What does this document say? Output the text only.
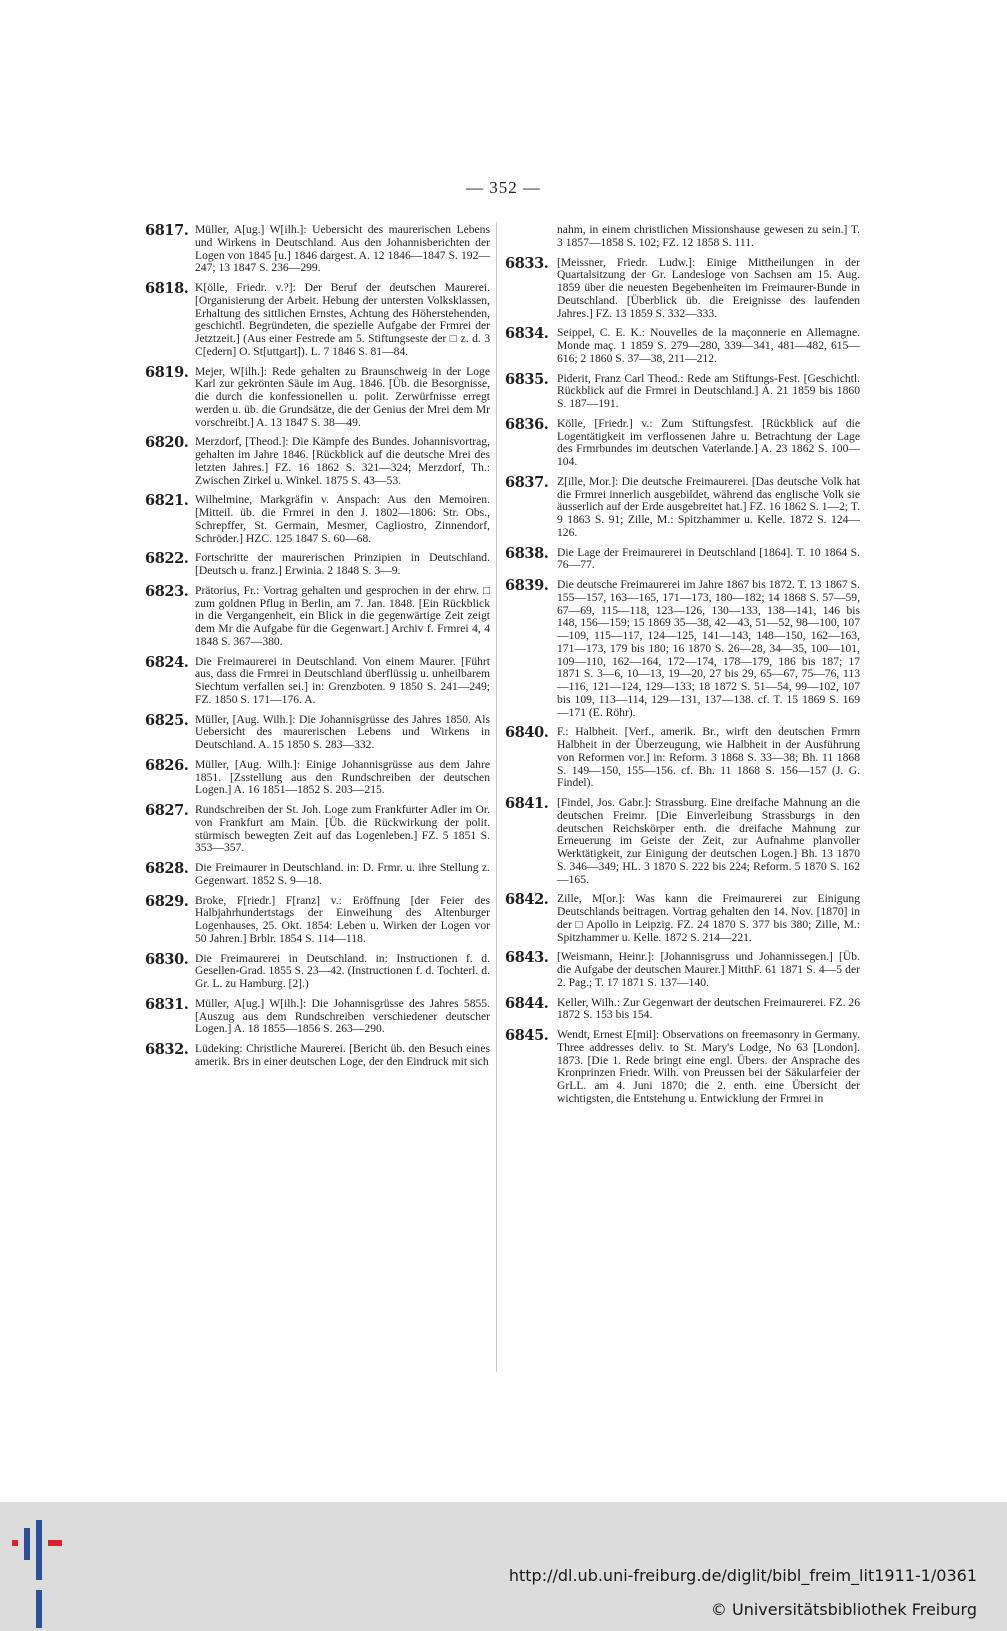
— 352 —
6817. Müller, A[ug.] W[ilh.]: Uebersicht des maurerischen Lebens und Wirkens in Deutschland. Aus den Johannisberichten der Logen von 1845 [u.] 1846 dargest. A. 12 1846—1847 S. 192—247; 13 1847 S. 236—299.
6818. K[ölle, Friedr. v.?]: Der Beruf der deutschen Maurerei. [Organisierung der Arbeit. Hebung der untersten Volksklassen, Erhaltung des sittlichen Ernstes, Achtung des Höherstehenden, geschichtl. Begründeten, die spezielle Aufgabe der Frmrei der Jetztzeit.] (Aus einer Festrede am 5. Stiftungseste der □ z. d. 3 C[edern] O. St[uttgart]). L. 7 1846 S. 81—84.
6819. Mejer, W[ilh.]: Rede gehalten zu Braunschweig in der Loge Karl zur gekrönten Säule im Aug. 1846. [Üb. die Besorgnisse, die durch die konfessionellen u. polit. Zerwürfnisse erregt werden u. üb. die Grundsätze, die der Genius der Mrei dem Mr vorschreibt.] A. 13 1847 S. 38—49.
6820. Merzdorf, [Theod.]: Die Kämpfe des Bundes. Johannisvortrag, gehalten im Jahre 1846. [Rückblick auf die deutsche Mrei des letzten Jahres.] FZ. 16 1862 S. 321—324; Merzdorf, Th.: Zwischen Zirkel u. Winkel. 1875 S. 43—53.
6821. Wilhelmine, Markgräfin v. Anspach: Aus den Memoiren. [Mitteil. üb. die Frmrei in den J. 1802—1806: Str. Obs., Schrepffer, St. Germain, Mesmer, Cagliostro, Zinnendorf, Schröder.] HZC. 125 1847 S. 60—68.
6822. Fortschritte der maurerischen Prinzipien in Deutschland. [Deutsch u. franz.] Erwinia. 2 1848 S. 3—9.
6823. Prätorius, Fr.: Vortrag gehalten und gesprochen in der ehrw. □ zum goldnen Pflug in Berlin, am 7. Jan. 1848. [Ein Rückblick in die Vergangenheit, ein Blick in die gegenwärtige Zeit zeigt dem Mr die Aufgabe für die Gegenwart.] Archiv f. Frmrei 4, 4 1848 S. 367—380.
6824. Die Freimaurerei in Deutschland. Von einem Maurer. [Führt aus, dass die Frmrei in Deutschland überflüssig u. unheilbarem Siechtum verfallen sei.] in: Grenzboten. 9 1850 S. 241—249; FZ. 1850 S. 171—176. A.
6825. Müller, [Aug. Wilh.]: Die Johannisgrüsse des Jahres 1850. Als Uebersicht des maurerischen Lebens und Wirkens in Deutschland. A. 15 1850 S. 283—332.
6826. Müller, [Aug. Wilh.]: Einige Johannisgrüsse aus dem Jahre 1851. [Zsstellung aus den Rundschreiben der deutschen Logen.] A. 16 1851—1852 S. 203—215.
6827. Rundschreiben der St. Joh. Loge zum Frankfurter Adler im Or. von Frankfurt am Main. [Üb. die Rückwirkung der polit. stürmisch bewegten Zeit auf das Logenleben.] FZ. 5 1851 S. 353—357.
6828. Die Freimaurer in Deutschland. in: D. Frmr. u. ihre Stellung z. Gegenwart. 1852 S. 9—18.
6829. Broke, F[riedr.] F[ranz] v.: Eröffnung [der Feier des Halbjahrhundertstags der Einweihung des Altenburger Logenhauses, 25. Okt. 1854: Leben u. Wirken der Logen vor 50 Jahren.] Brblr. 1854 S. 114—118.
6830. Die Freimaurerei in Deutschland. in: Instructionen f. d. Gesellen-Grad. 1855 S. 23—42. (Instructionen f. d. Tochterl. d. Gr. L. zu Hamburg. [2].)
6831. Müller, A[ug.] W[ilh.]: Die Johannisgrüsse des Jahres 5855. [Auszug aus dem Rundschreiben verschiedener deutscher Logen.] A. 18 1855—1856 S. 263—290.
6832. Lüdeking: Christliche Maurerei. [Bericht üb. den Besuch eines amerik. Brs in einer deutschen Loge, der den Eindruck mit sich
nahm, in einem christlichen Missionshause gewesen zu sein.] T. 3 1857—1858 S. 102; FZ. 12 1858 S. 111.
6833. [Meissner, Friedr. Ludw.]: Einige Mittheilungen in der Quartalsitzung der Gr. Landesloge von Sachsen am 15. Aug. 1859 über die neuesten Begebenheiten im Freimaurer-Bunde in Deutschland. [Überblick üb. die Ereignisse des laufenden Jahres.] FZ. 13 1859 S. 332—333.
6834. Seippel, C. E. K.: Nouvelles de la maçonnerie en Allemagne. Monde maç. 1 1859 S. 279—280, 339—341, 481—482, 615—616; 2 1860 S. 37—38, 211—212.
6835. Piderit, Franz Carl Theod.: Rede am Stiftungs-Fest. [Geschichtl. Rückblick auf die Frmrei in Deutschland.] A. 21 1859 bis 1860 S. 187—191.
6836. Kölle, [Friedr.] v.: Zum Stiftungsfest. [Rückblick auf die Logentätigkeit im verflossenen Jahre u. Betrachtung der Lage des Frmrbundes im deutschen Vaterlande.] A. 23 1862 S. 100—104.
6837. Z[ille, Mor.]: Die deutsche Freimaurerei. [Das deutsche Volk hat die Frmrei innerlich ausgebildet, während das englische Volk sie äusserlich auf der Erde ausgebreitet hat.] FZ. 16 1862 S. 1—2; T. 9 1863 S. 91; Zille, M.: Spitzhammer u. Kelle. 1872 S. 124—126.
6838. Die Lage der Freimaurerei in Deutschland [1864]. T. 10 1864 S. 76—77.
6839. Die deutsche Freimaurerei im Jahre 1867 bis 1872. T. 13 1867 S. 155—157, 163—165, 171—173, 180—182; 14 1868 S. 57—59, 67—69, 115—118, 123—126, 130—133, 138—141, 146 bis 148, 156—159; 15 1869 35—38, 42—43, 51—52, 98—100, 107—109, 115—117, 124—125, 141—143, 148—150, 162—163, 171—173, 179 bis 180; 16 1870 S. 26—28, 34—35, 100—101, 109—110, 162—164, 172—174, 178—179, 186 bis 187; 17 1871 S. 3—6, 10—13, 19—20, 27 bis 29, 65—67, 75—76, 113—116, 121—124, 129—133; 18 1872 S. 51—54, 99—102, 107 bis 109, 113—114, 129—131, 137—138. cf. T. 15 1869 S. 169—171 (E. Röhr).
6840. F.: Halbheit. [Verf., amerik. Br., wirft den deutschen Frmrn Halbheit in der Überzeugung, wie Halbheit in der Ausführung von Reformen vor.] in: Reform. 3 1868 S. 33—38; Bh. 11 1868 S. 149—150, 155—156. cf. Bh. 11 1868 S. 156—157 (J. G. Findel).
6841. [Findel, Jos. Gabr.]: Strassburg. Eine dreifache Mahnung an die deutschen Freimr. [Die Einverleibung Strassburgs in den deutschen Reichskörper enth. die dreifache Mahnung zur Erneuerung im Geiste der Zeit, zur Aufnahme planvoller Werktätigkeit, zur Einigung der deutschen Logen.] Bh. 13 1870 S. 346—349; HL. 3 1870 S. 222 bis 224; Reform. 5 1870 S. 162—165.
6842. Zille, M[or.]: Was kann die Freimaurerei zur Einigung Deutschlands beitragen. Vortrag gehalten den 14. Nov. [1870] in der □ Apollo in Leipzig. FZ. 24 1870 S. 377 bis 380; Zille, M.: Spitzhammer u. Kelle. 1872 S. 214—221.
6843. [Weismann, Heinr.]: [Johannisgruss und Johannissegen.] [Üb. die Aufgabe der deutschen Maurer.] MitthF. 61 1871 S. 4—5 der 2. Pag.; T. 17 1871 S. 137—140.
6844. Keller, Wilh.: Zur Gegenwart der deutschen Freimaurerei. FZ. 26 1872 S. 153 bis 154.
6845. Wendt, Ernest E[mil]: Observations on freemasonry in Germany. Three addresses deliv. to St. Mary's Lodge, No 63 [London]. 1873. [Die 1. Rede bringt eine engl. Übers. der Ansprache des Kronprinzen Friedr. Wilh. von Preussen bei der Säkularfeier der GrLL. am 4. Juni 1870; die 2. enth. eine Übersicht der wichtigsten, die Entstehung u. Entwicklung der Frmrei in
http://dl.ub.uni-freiburg.de/diglit/bibl_freim_lit1911-1/0361
© Universitätsbibliothek Freiburg
